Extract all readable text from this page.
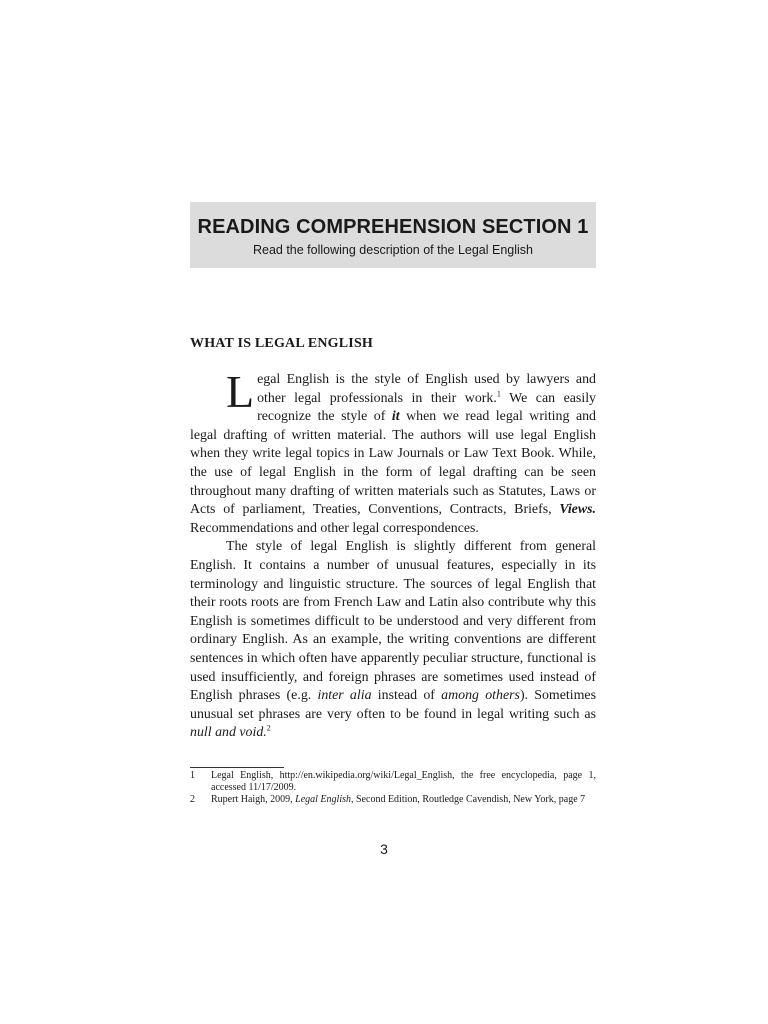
READING COMPREHENSION SECTION 1
Read the following description of the Legal English
WHAT IS LEGAL ENGLISH

Legal English is the style of English used by lawyers and other legal professionals in their work.$^1$ We can easily recognize the style of it when we read legal writing and legal drafting of written material. The authors will use legal English when they write legal topics in Law Journals or Law Text Book. While, the use of legal English in the form of legal drafting can be seen throughout many drafting of written materials such as Statutes, Laws or Acts of parliament, Treaties, Conventions, Contracts, Briefs, Views. Recommendations and other legal correspondences.

The style of legal English is slightly different from general English. It contains a number of unusual features, especially in its terminology and linguistic structure. The sources of legal English that their roots roots are from French Law and Latin also contribute why this English is sometimes difficult to be understood and very different from ordinary English. As an example, the writing conventions are different sentences in which often have apparently peculiar structure, functional is used insufficiently, and foreign phrases are sometimes used instead of English phrases (e.g. inter alia instead of among others). Sometimes unusual set phrases are very often to be found in legal writing such as null and void.$^2$

1	Legal English, http://en.wikipedia.org/wiki/Legal_English, the free encyclopedia, page 1, accessed 11/17/2009.
2	Rupert Haigh, 2009, Legal English, Second Edition, Routledge Cavendish, New York, page 7
3
